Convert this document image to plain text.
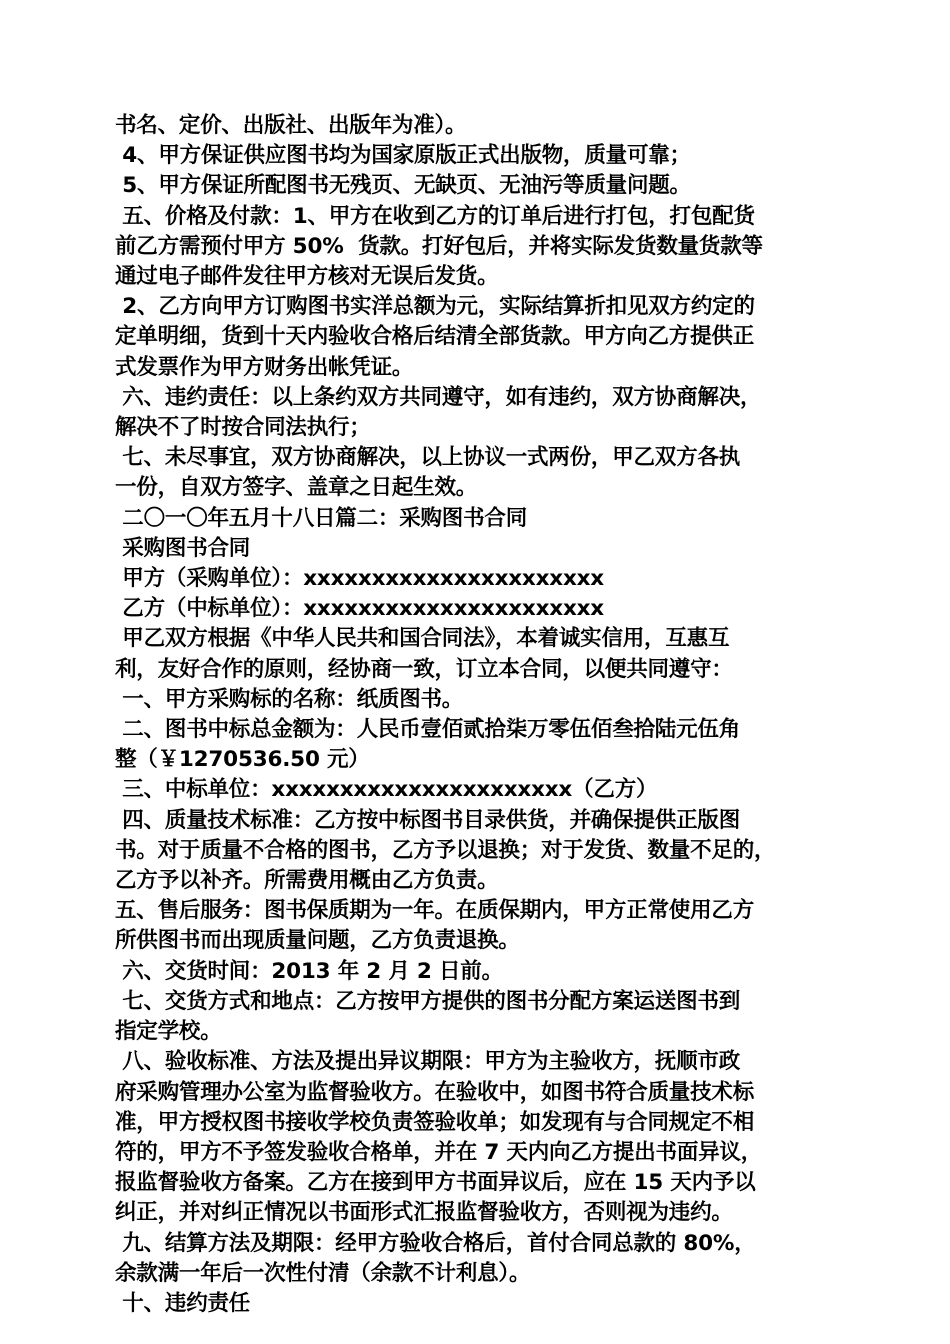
书名、定价、出版社、出版年为准）。

4、甲方保证供应图书均为国家原版正式出版物，质量可靠；

5、甲方保证所配图书无残页、无缺页、无油污等质量问题。

五、价格及付款：1、甲方在收到乙方的订单后进行打包，打包配货

前乙方需预付甲方 50%  货款。打好包后，并将实际发货数量货款等

通过电子邮件发往甲方核对无误后发货。

2、乙方向甲方订购图书实洋总额为元，实际结算折扣见双方约定的

定单明细，货到十天内验收合格后结清全部货款。甲方向乙方提供正

式发票作为甲方财务出帐凭证。

六、违约责任：以上条约双方共同遵守，如有违约，双方协商解决，

解决不了时按合同法执行；

七、未尽事宜，双方协商解决，以上协议一式两份，甲乙双方各执

一份，自双方签字、盖章之日起生效。

二〇一〇年五月十八日篇二：采购图书合同

采购图书合同

甲方（采购单位）：xxxxxxxxxxxxxxxxxxxxxx

乙方（中标单位）：xxxxxxxxxxxxxxxxxxxxxx

甲乙双方根据《中华人民共和国合同法》，本着诚实信用，互惠互

利，友好合作的原则，经协商一致，订立本合同，以便共同遵守：

一、甲方采购标的名称：纸质图书。

二、图书中标总金额为：人民币壹佰贰拾柒万零伍佰叁拾陆元伍角

整（￥1270536.50 元）

三、中标单位：xxxxxxxxxxxxxxxxxxxxxx（乙方）

四、质量技术标准：乙方按中标图书目录供货，并确保提供正版图

书。对于质量不合格的图书，乙方予以退换；对于发货、数量不足的，

乙方予以补齐。所需费用概由乙方负责。

五、售后服务：图书保质期为一年。在质保期内，甲方正常使用乙方

所供图书而出现质量问题，乙方负责退换。

六、交货时间：2013 年 2 月 2 日前。

七、交货方式和地点：乙方按甲方提供的图书分配方案运送图书到

指定学校。

八、验收标准、方法及提出异议期限：甲方为主验收方，抚顺市政

府采购管理办公室为监督验收方。在验收中，如图书符合质量技术标

准，甲方授权图书接收学校负责签验收单；如发现有与合同规定不相

符的，甲方不予签发验收合格单，并在 7 天内向乙方提出书面异议，

报监督验收方备案。乙方在接到甲方书面异议后，应在 15 天内予以

纠正，并对纠正情况以书面形式汇报监督验收方，否则视为违约。

九、结算方法及期限：经甲方验收合格后，首付合同总款的 80%，

余款满一年后一次性付清（余款不计利息）。

十、违约责任
